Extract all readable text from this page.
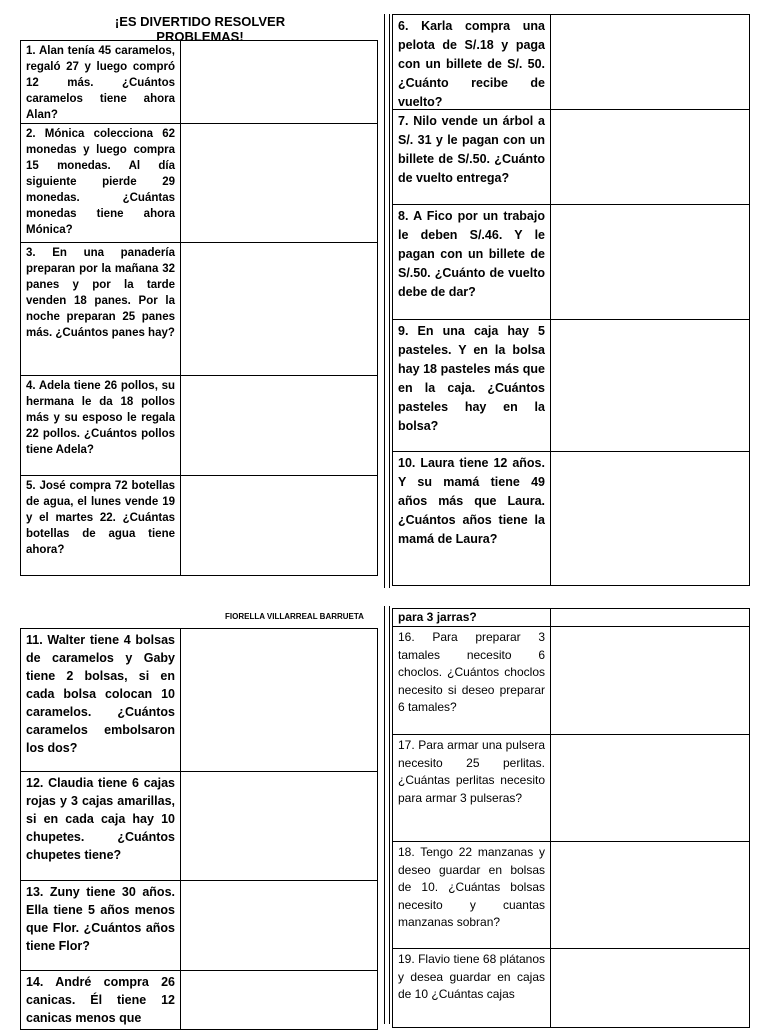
¡ES DIVERTIDO RESOLVER PROBLEMAS!
FIORELLA VILLARREAL BARRUETA
1. Alan tenía 45 caramelos, regaló 27 y luego compró 12 más. ¿Cuántos caramelos tiene ahora Alan?
2. Mónica colecciona 62 monedas y luego compra 15 monedas. Al día siguiente pierde 29 monedas. ¿Cuántas monedas tiene ahora Mónica?
3. En una panadería preparan por la mañana 32 panes y por la tarde venden 18 panes. Por la noche preparan 25 panes más. ¿Cuántos panes hay?
4. Adela tiene 26 pollos, su hermana le da 18 pollos más y su esposo le regala 22 pollos. ¿Cuántos pollos tiene Adela?
5. José compra 72 botellas de agua, el lunes vende 19 y el martes 22. ¿Cuántas botellas de agua tiene ahora?
6. Karla compra una pelota de S/.18 y paga con un billete de S/. 50. ¿Cuánto recibe de vuelto?
7. Nilo vende un árbol a S/. 31 y le pagan con un billete de S/.50. ¿Cuánto de vuelto entrega?
8. A Fico por un trabajo le deben S/.46. Y le pagan con un billete de S/.50. ¿Cuánto de vuelto debe de dar?
9. En una caja hay 5 pasteles. Y en la bolsa hay 18 pasteles más que en la caja. ¿Cuántos pasteles hay en la bolsa?
10. Laura tiene 12 años. Y su mamá tiene 49 años más que Laura. ¿Cuántos años tiene la mamá de Laura?
11. Walter tiene 4 bolsas de caramelos y Gaby tiene 2 bolsas, si en cada bolsa colocan 10 caramelos. ¿Cuántos caramelos embolsaron los dos?
12. Claudia tiene 6 cajas rojas y 3 cajas amarillas, si en cada caja hay 10 chupetes. ¿Cuántos chupetes tiene?
13. Zuny tiene 30 años. Ella tiene 5 años menos que Flor. ¿Cuántos años tiene Flor?
14. André compra 26 canicas. Él tiene 12 canicas menos que
para 3 jarras?
16. Para preparar 3 tamales necesito 6 choclos. ¿Cuántos choclos necesito si deseo preparar 6 tamales?
17. Para armar una pulsera necesito 25 perlitas. ¿Cuántas perlitas necesito para armar 3 pulseras?
18. Tengo 22 manzanas y deseo guardar en bolsas de 10. ¿Cuántas bolsas necesito y cuantas manzanas sobran?
19. Flavio tiene 68 plátanos y desea guardar en cajas de 10 ¿Cuántas cajas
